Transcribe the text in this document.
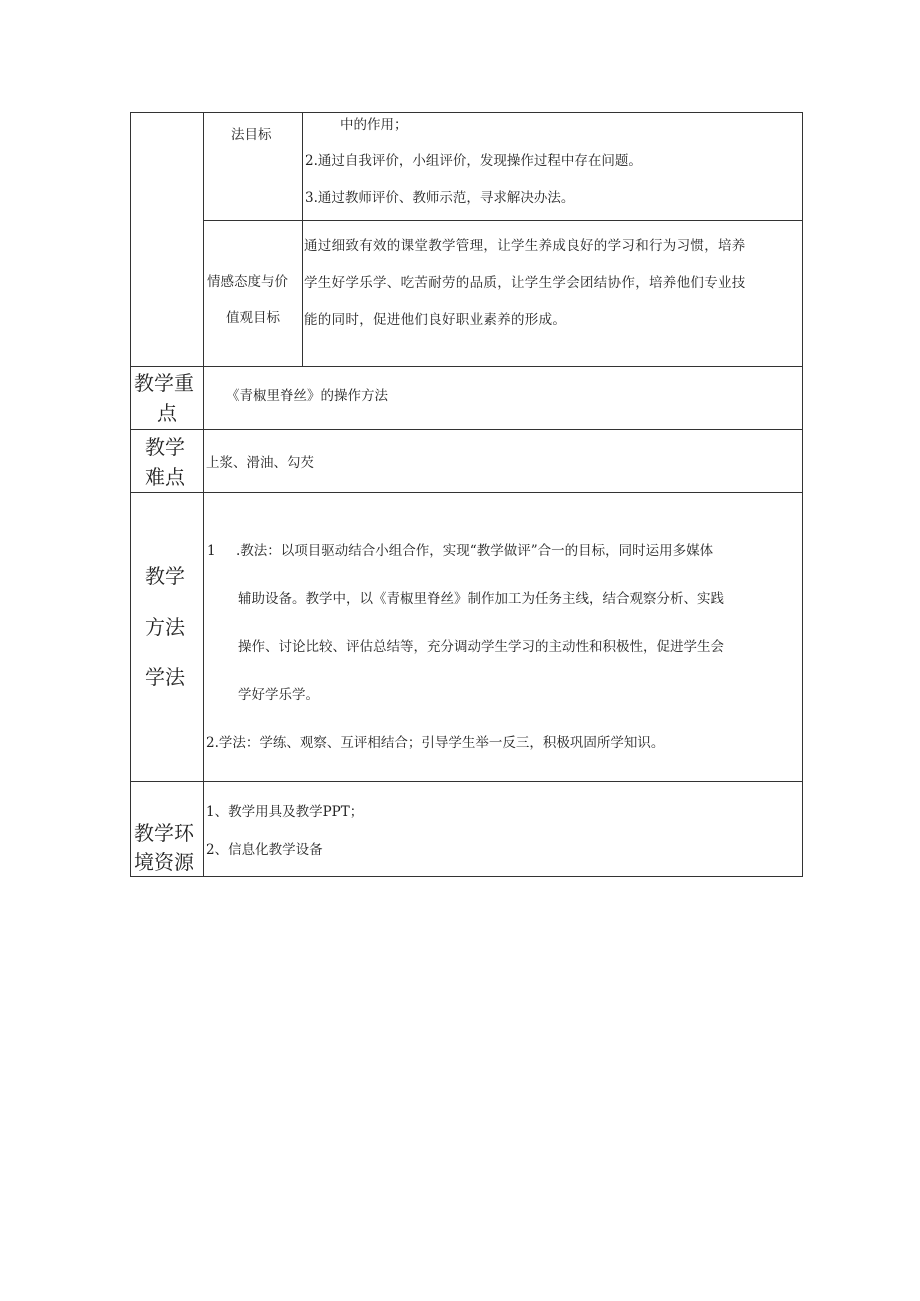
法目标
中的作用；
2.通过自我评价，小组评价，发现操作过程中存在问题。
3.通过教师评价、教师示范，寻求解决办法。
情感态度与价
值观目标
通过细致有效的课堂教学管理，让学生养成良好的学习和行为习惯，培养
学生好学乐学、吃苦耐劳的品质，让学生学会团结协作，培养他们专业技
能的同时，促进他们良好职业素养的形成。
教学重
点
《青椒里脊丝》的操作方法
教学
难点
上浆、滑油、勾芡
教学
方法
学法
1 .教法：以项目驱动结合小组合作，实现“教学做评”合一的目标，同时运用多媒体
辅助设备。教学中，以《青椒里脊丝》制作加工为任务主线，结合观察分析、实践
操作、讨论比较、评估总结等，充分调动学生学习的主动性和积极性，促进学生会
学好学乐学。
2.学法：学练、观察、互评相结合；引导学生举一反三，积极巩固所学知识。
教学环
境资源
1、教学用具及教学PPT；
2、信息化教学设备
